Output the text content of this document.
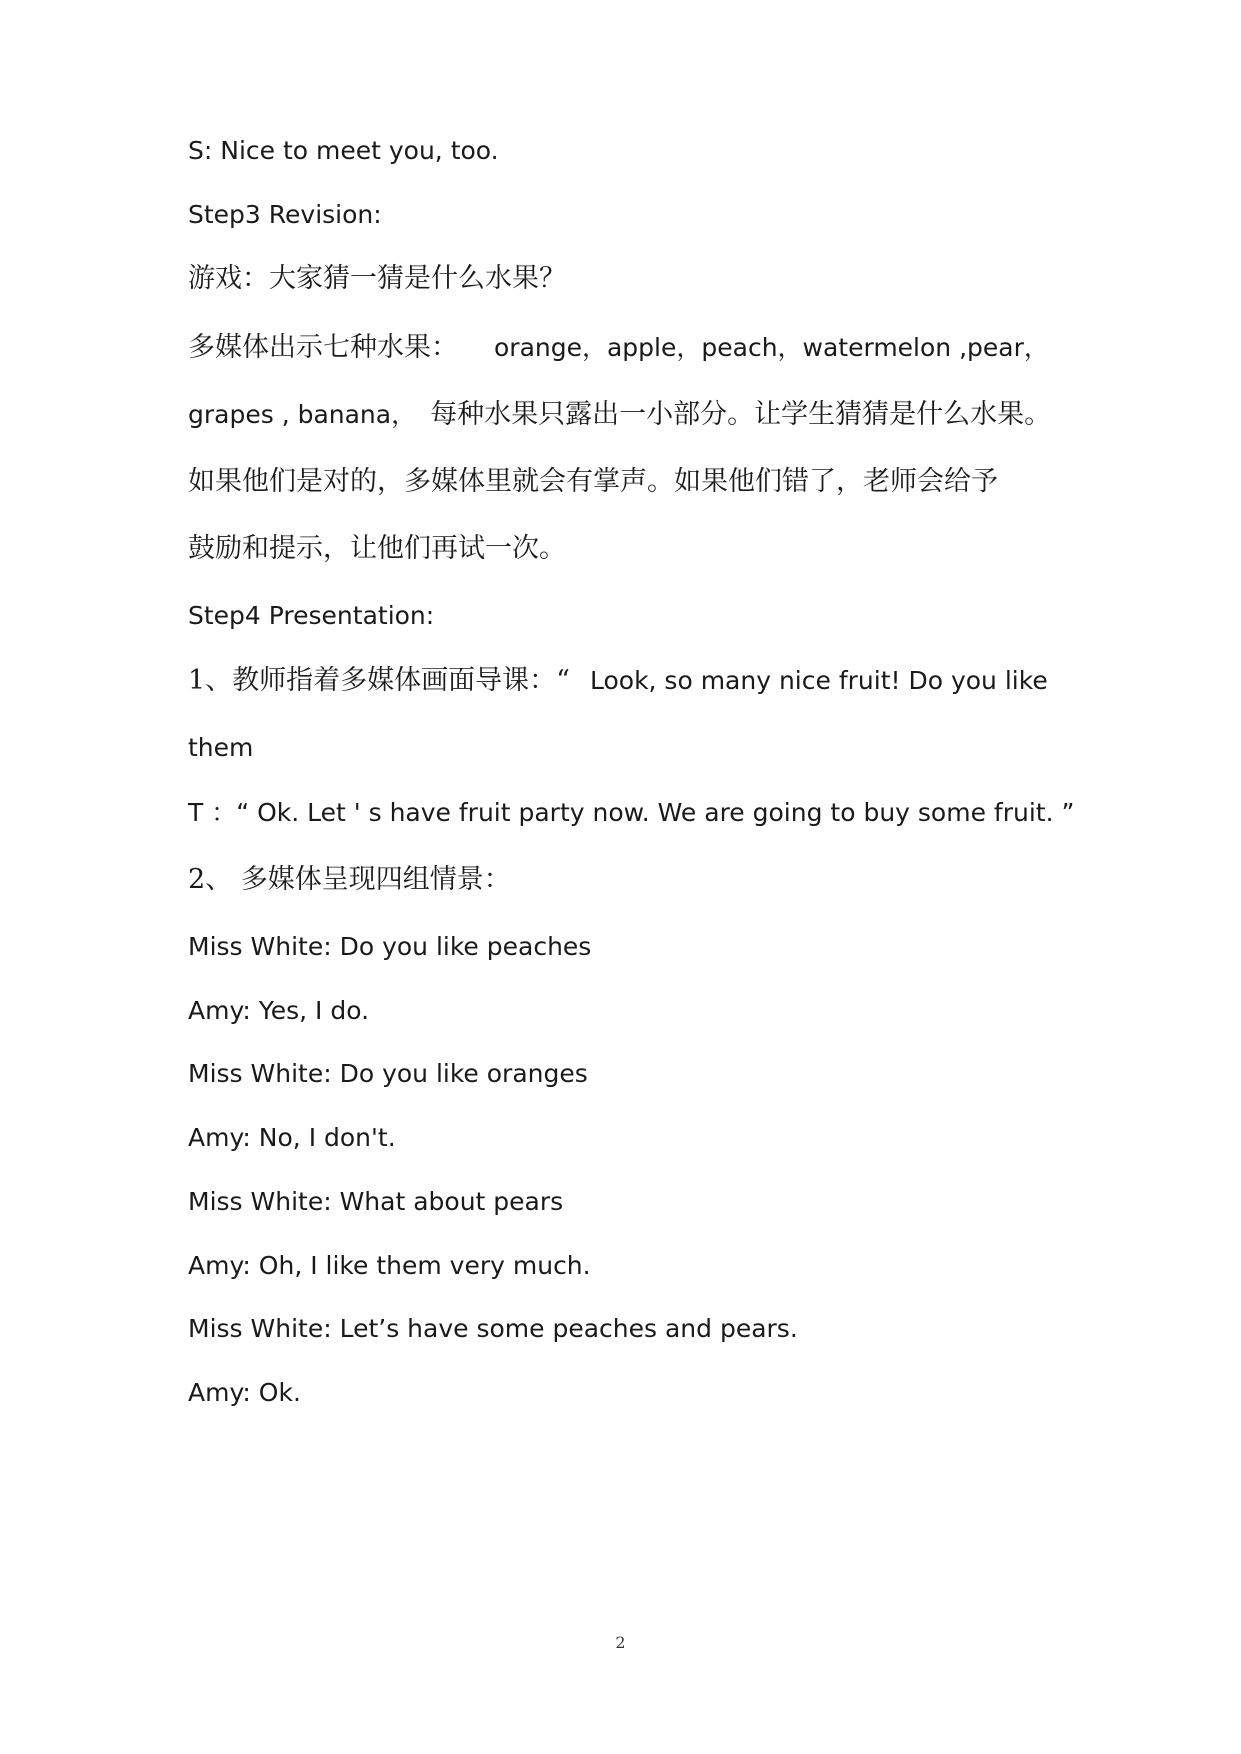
S: Nice to meet you, too.
Step3 Revision:
游戏：大家猜一猜是什么水果？
多媒体出示七种水果： orange，apple，peach，watermelon ,pear，
grapes , banana， 每种水果只露出一小部分。让学生猜猜是什么水果。
如果他们是对的，多媒体里就会有掌声。如果他们错了，老师会给予
鼓励和提示，让他们再试一次。
Step4 Presentation:
1、教师指着多媒体画面导课：“ Look, so many nice fruit! Do you like
them
T ：“ Ok. Let ' s have fruit party now. We are going to buy some fruit. ”
2、 多媒体呈现四组情景：
Miss White: Do you like peaches
Amy: Yes, I do.
Miss White: Do you like oranges
Amy: No, I don't.
Miss White: What about pears
Amy: Oh, I like them very much.
Miss White: Let’s have some peaches and pears.
Amy: Ok.
2
